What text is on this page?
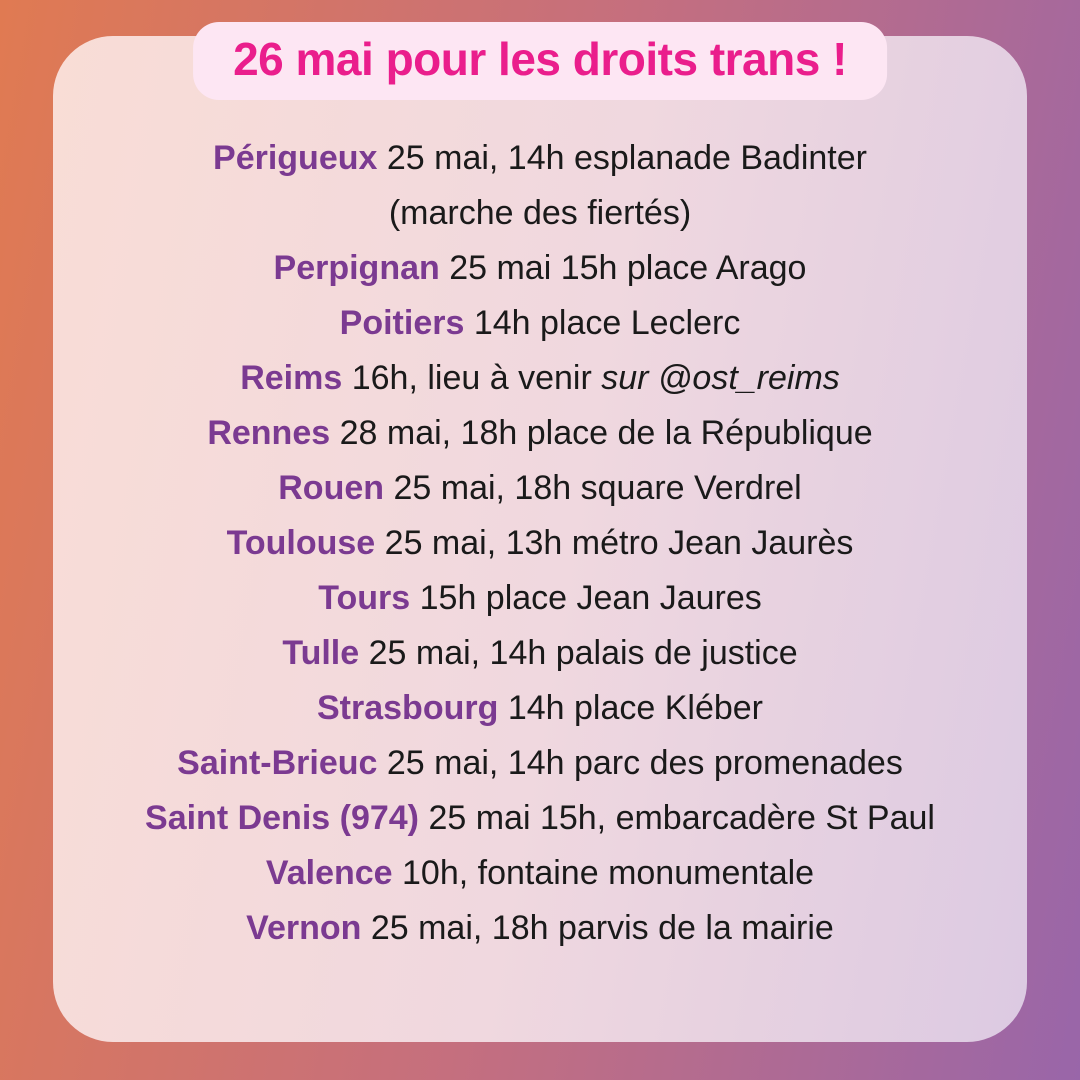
26 mai pour les droits trans !
Périgueux 25 mai, 14h esplanade Badinter
(marche des fiertés)
Perpignan 25 mai 15h place Arago
Poitiers 14h place Leclerc
Reims 16h, lieu à venir sur @ost_reims
Rennes 28 mai, 18h place de la République
Rouen 25 mai, 18h square Verdrel
Toulouse 25 mai, 13h métro Jean Jaurès
Tours 15h place Jean Jaures
Tulle 25 mai, 14h palais de justice
Strasbourg 14h place Kléber
Saint-Brieuc 25 mai, 14h parc des promenades
Saint Denis (974) 25 mai 15h, embarcadère St Paul
Valence 10h, fontaine monumentale
Vernon 25 mai, 18h parvis de la mairie
